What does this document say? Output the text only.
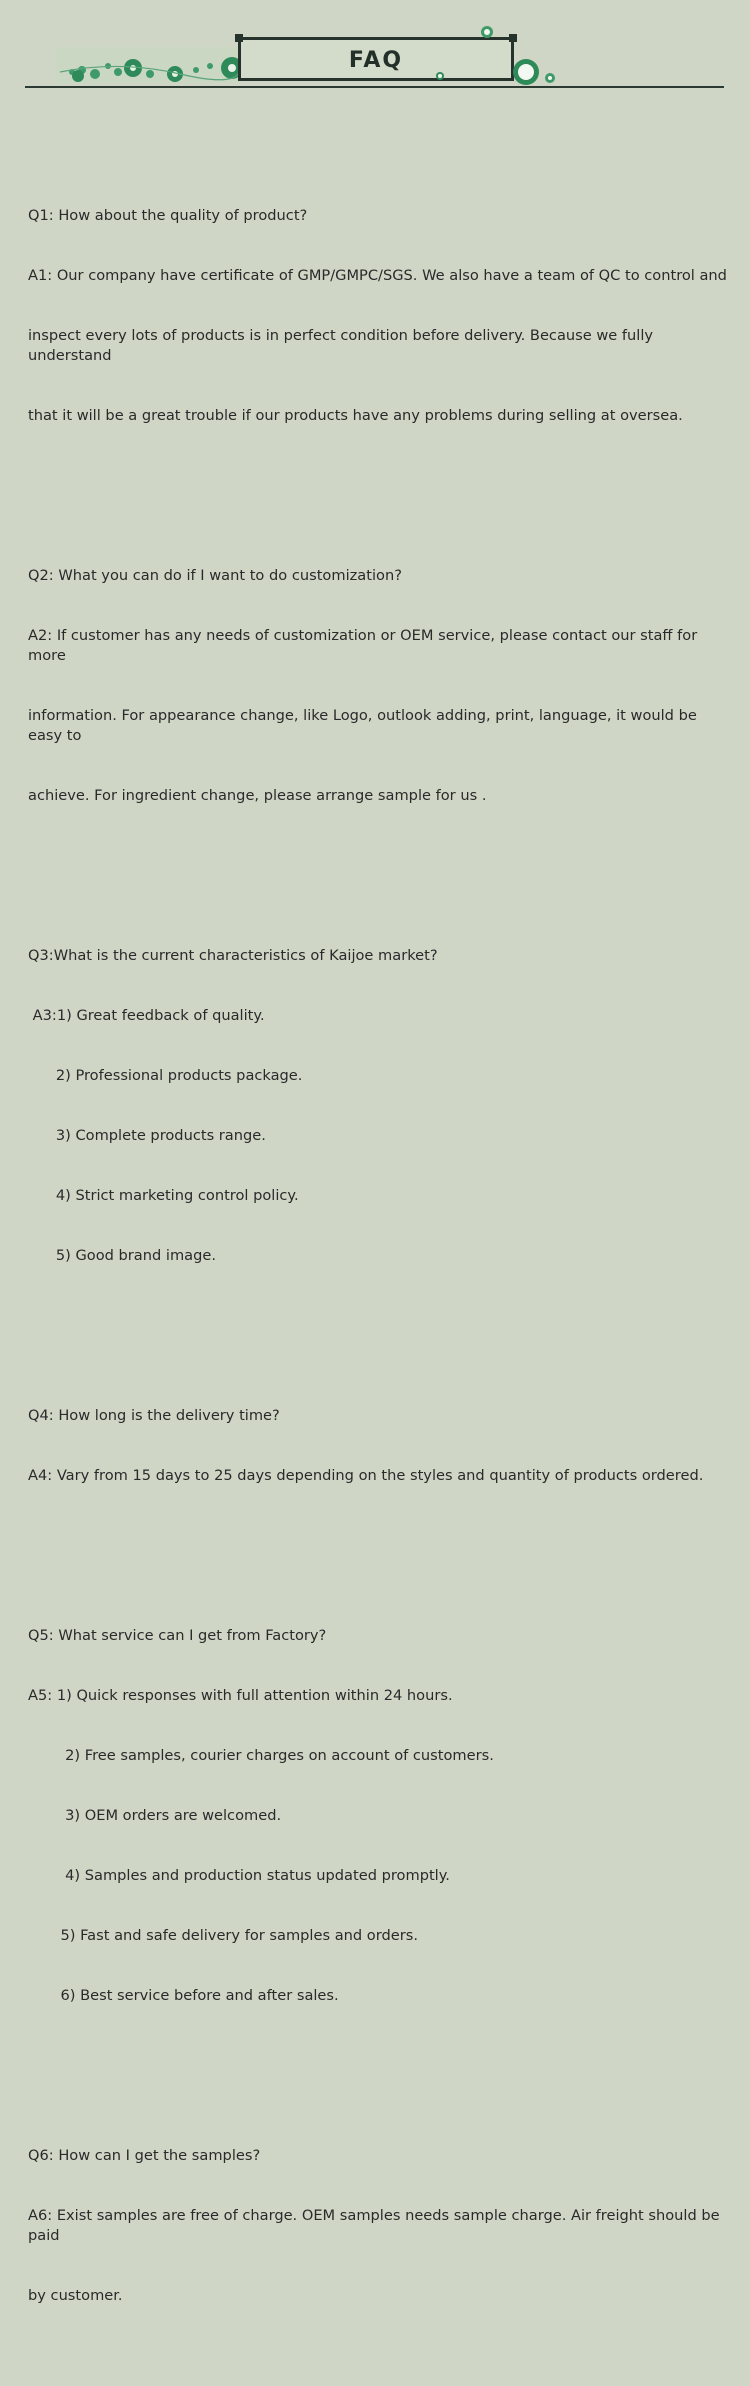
FAQ

Q1: How about the quality of product?

A1: Our company have certificate of GMP/GMPC/SGS. We also have a team of QC to control and

inspect every lots of products is in perfect condition before delivery. Because we fully understand

that it will be a great trouble if our products have any problems during selling at oversea.

Q2: What you can do if I want to do customization?

A2: If customer has any needs of customization or OEM service, please contact our staff for more

information. For appearance change, like Logo, outlook adding, print, language, it would be easy to

achieve. For ingredient change, please arrange sample for us .

Q3:What is the current characteristics of Kaijoe market?

A3:1) Great feedback of quality.

2) Professional products package.

3) Complete products range.

4) Strict marketing control policy.

5) Good brand image.

Q4: How long is the delivery time?

A4: Vary from 15 days to 25 days depending on the styles and quantity of products ordered.

Q5: What service can I get from Factory?

A5: 1) Quick responses with full attention within 24 hours.

2) Free samples, courier charges on account of customers.

3) OEM orders are welcomed.

4) Samples and production status updated promptly.

5) Fast and safe delivery for samples and orders.

6) Best service before and after sales.

Q6: How can I get the samples?

A6: Exist samples are free of charge. OEM samples needs sample charge. Air freight should be paid

by customer.
